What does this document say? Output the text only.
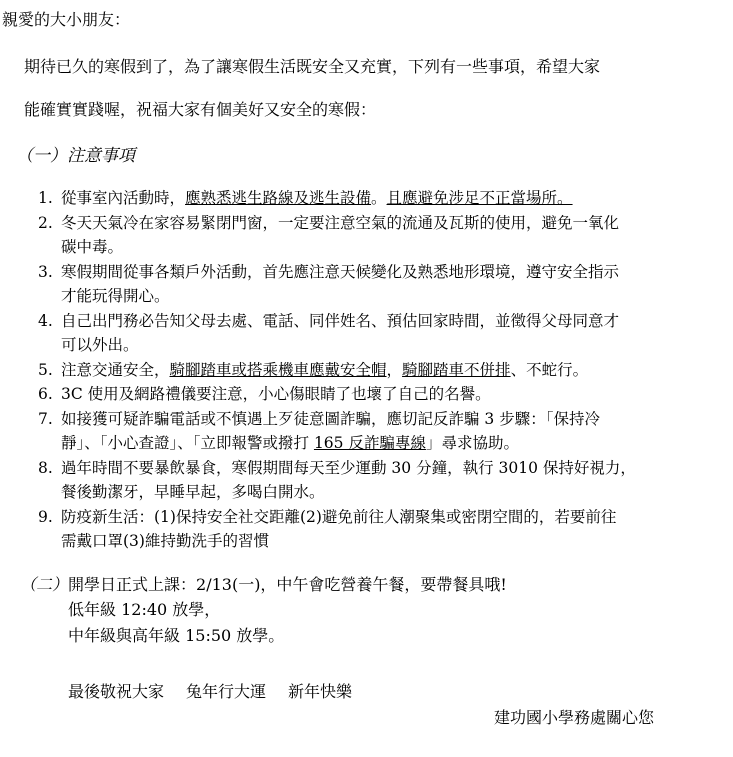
親愛的大小朋友：
期待已久的寒假到了，為了讓寒假生活既安全又充實，下列有一些事項，希望大家
能確實實踐喔，祝福大家有個美好又安全的寒假：
（一）注意事項
1. 從事室內活動時，應熟悉逃生路線及逃生設備。且應避免涉足不正當場所。
2. 冬天天氣冷在家容易緊閉門窗，一定要注意空氣的流通及瓦斯的使用，避免一氧化
碳中毒。
3. 寒假期間從事各類戶外活動，首先應注意天候變化及熟悉地形環境，遵守安全指示
才能玩得開心。
4. 自己出門務必告知父母去處、電話、同伴姓名、預估回家時間，並徵得父母同意才
可以外出。
5. 注意交通安全，騎腳踏車或搭乘機車應戴安全帽，騎腳踏車不併排、不蛇行。
6. 3C 使用及網路禮儀要注意，小心傷眼睛了也壞了自己的名譽。
7. 如接獲可疑詐騙電話或不慎遇上歹徒意圖詐騙，應切記反詐騙 3 步驟：「保持冷
靜」、「小心查證」、「立即報警或撥打 165 反詐騙專線」尋求協助。
8. 過年時間不要暴飲暴食，寒假期間每天至少運動 30 分鐘，執行 3010 保持好視力，
餐後勤潔牙，早睡早起，多喝白開水。
9. 防疫新生活：(1)保持安全社交距離(2)避免前往人潮聚集或密閉空間的，若要前往
需戴口罩(3)維持勤洗手的習慣
（二）開學日正式上課：2/13(一)，中午會吃營養午餐，要帶餐具哦!
低年級 12:40 放學，
中年級與高年級 15:50 放學。
最後敬祝大家 兔年行大運 新年快樂
建功國小學務處關心您
